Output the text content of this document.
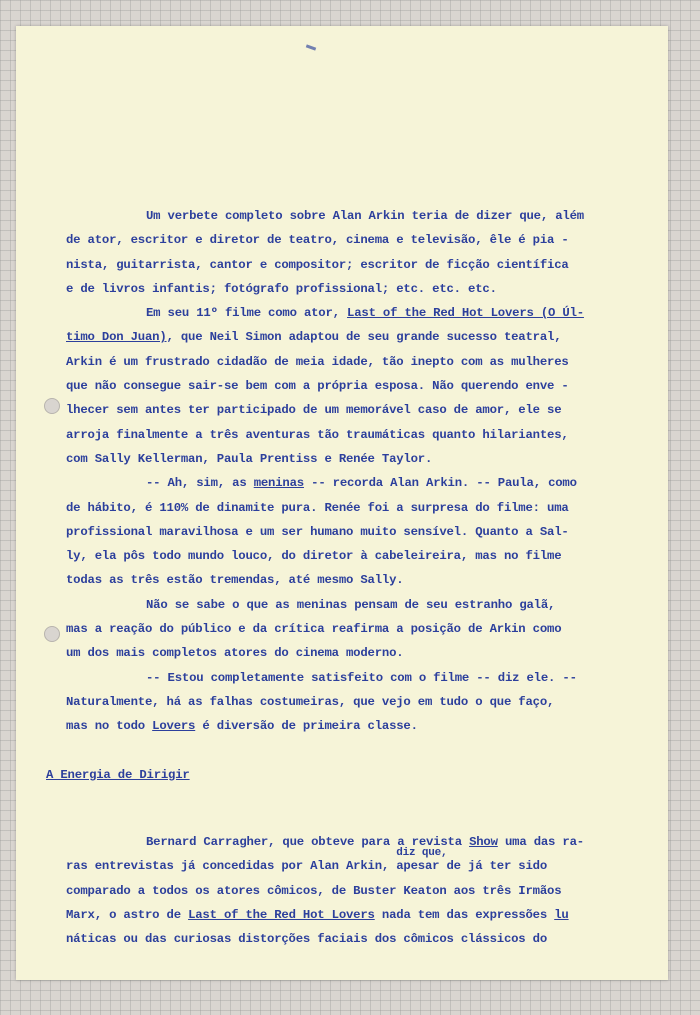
Um verbete completo sobre Alan Arkin teria de dizer que, além
de ator, escritor e diretor de teatro, cinema e televisão, êle é pia -
nista, guitarrista, cantor e compositor; escritor de ficção científica
e de livros infantis; fotógrafo profissional; etc. etc. etc.
Em seu 11º filme como ator, Last of the Red Hot Lovers (O Úl-
timo Don Juan), que Neil Simon adaptou de seu grande sucesso teatral,
Arkin é um frustrado cidadão de meia idade, tão inepto com as mulheres
que não consegue sair-se bem com a própria esposa. Não querendo enve -
lhecer sem antes ter participado de um memorável caso de amor, ele se
arroja finalmente a três aventuras tão traumáticas quanto hilariantes,
com Sally Kellerman, Paula Prentiss e Renée Taylor.
-- Ah, sim, as meninas -- recorda Alan Arkin. -- Paula, como
de hábito, é 110% de dinamite pura. Renée foi a surpresa do filme: uma
profissional maravilhosa e um ser humano muito sensível. Quanto a Sal-
ly, ela pôs todo mundo louco, do diretor à cabeleireira, mas no filme
todas as três estão tremendas, até mesmo Sally.
Não se sabe o que as meninas pensam de seu estranho galã,
mas a reação do público e da crítica reafirma a posição de Arkin como
um dos mais completos atores do cinema moderno.
-- Estou completamente satisfeito com o filme -- diz ele. --
Naturalmente, há as falhas costumeiras, que vejo em tudo o que faço,
mas no todo Lovers é diversão de primeira classe.
A Energia de Dirigir
Bernard Carragher, que obteve para a revista Show uma das ra-
ras entrevistas já concedidas por Alan Arkin,
diz que,
apesar de já ter sido
comparado a todos os atores cômicos, de Buster Keaton aos três Irmãos
Marx, o astro de Last of the Red Hot Lovers nada tem das expressões lu
náticas ou das curiosas distorções faciais dos cômicos clássicos do
